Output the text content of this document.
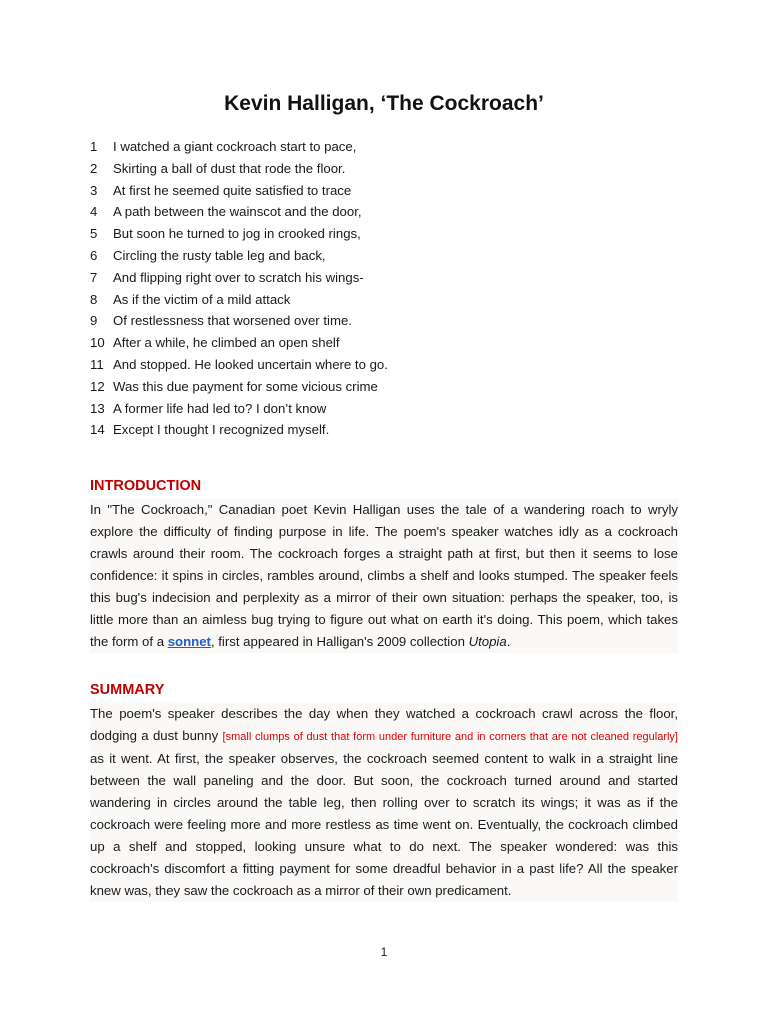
Kevin Halligan, ‘The Cockroach’
1	I watched a giant cockroach start to pace,
2	Skirting a ball of dust that rode the floor.
3	At first he seemed quite satisfied to trace
4	A path between the wainscot and the door,
5	But soon he turned to jog in crooked rings,
6	Circling the rusty table leg and back,
7	And flipping right over to scratch his wings-
8	As if the victim of a mild attack
9	Of restlessness that worsened over time.
10 After a while, he climbed an open shelf
11 And stopped. He looked uncertain where to go.
12 Was this due payment for some vicious crime
13 A former life had led to? I don’t know
14 Except I thought I recognized myself.
INTRODUCTION
In "The Cockroach," Canadian poet Kevin Halligan uses the tale of a wandering roach to wryly explore the difficulty of finding purpose in life. The poem's speaker watches idly as a cockroach crawls around their room. The cockroach forges a straight path at first, but then it seems to lose confidence: it spins in circles, rambles around, climbs a shelf and looks stumped. The speaker feels this bug's indecision and perplexity as a mirror of their own situation: perhaps the speaker, too, is little more than an aimless bug trying to figure out what on earth it's doing. This poem, which takes the form of a sonnet, first appeared in Halligan's 2009 collection Utopia.
SUMMARY
The poem's speaker describes the day when they watched a cockroach crawl across the floor, dodging a dust bunny [small clumps of dust that form under furniture and in corners that are not cleaned regularly] as it went. At first, the speaker observes, the cockroach seemed content to walk in a straight line between the wall paneling and the door. But soon, the cockroach turned around and started wandering in circles around the table leg, then rolling over to scratch its wings; it was as if the cockroach were feeling more and more restless as time went on. Eventually, the cockroach climbed up a shelf and stopped, looking unsure what to do next. The speaker wondered: was this cockroach's discomfort a fitting payment for some dreadful behavior in a past life? All the speaker knew was, they saw the cockroach as a mirror of their own predicament.
1
